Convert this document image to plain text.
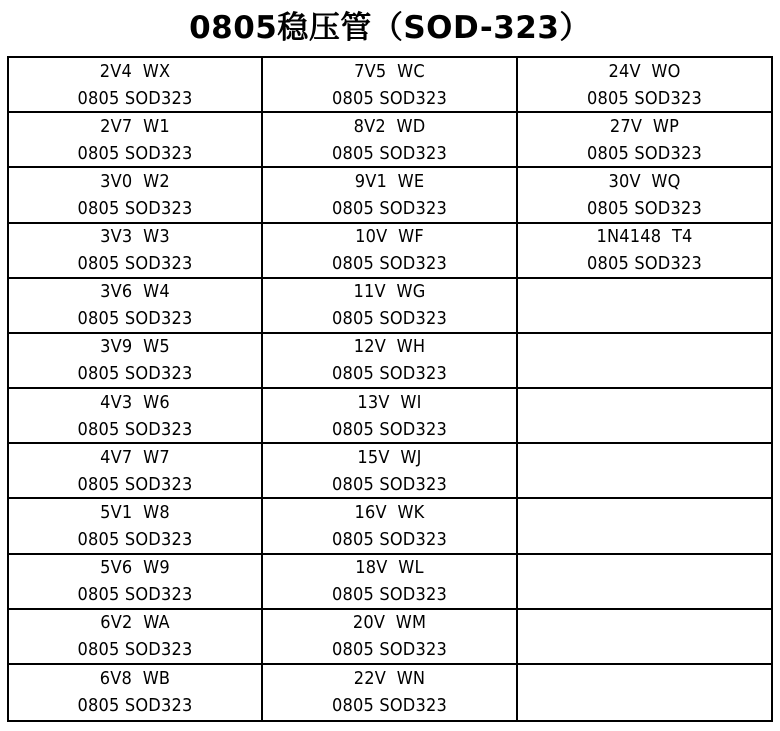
0805稳压管（SOD-323）
2V4  WX
0805 SOD323
7V5  WC
0805 SOD323
24V  WO
0805 SOD323
2V7  W1
0805 SOD323
8V2  WD
0805 SOD323
27V  WP
0805 SOD323
3V0  W2
0805 SOD323
9V1  WE
0805 SOD323
30V  WQ
0805 SOD323
3V3  W3
0805 SOD323
10V  WF
0805 SOD323
1N4148  T4
0805 SOD323
3V6  W4
0805 SOD323
11V  WG
0805 SOD323
3V9  W5
0805 SOD323
12V  WH
0805 SOD323
4V3  W6
0805 SOD323
13V  WI
0805 SOD323
4V7  W7
0805 SOD323
15V  WJ
0805 SOD323
5V1  W8
0805 SOD323
16V  WK
0805 SOD323
5V6  W9
0805 SOD323
18V  WL
0805 SOD323
6V2  WA
0805 SOD323
20V  WM
0805 SOD323
6V8  WB
0805 SOD323
22V  WN
0805 SOD323
